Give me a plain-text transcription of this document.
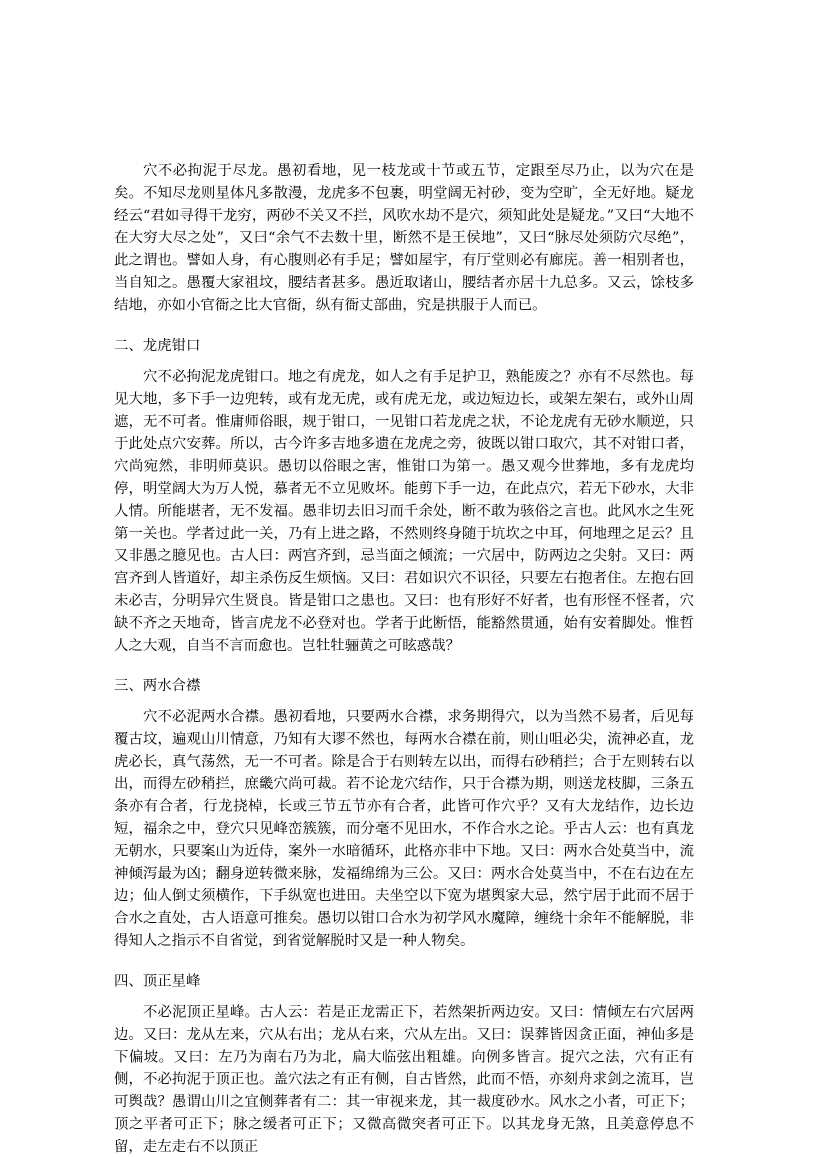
穴不必拘泥于尽龙。愚初看地，见一枝龙或十节或五节，定跟至尽乃止，以为穴在是矣。不知尽龙则星体凡多散漫，龙虎多不包裹，明堂阔无衬砂，变为空旷，全无好地。疑龙经云“君如寻得干龙穷，两砂不关又不拦，风吹水劫不是穴，须知此处是疑龙。”又曰“大地不在大穷大尽之处”，又曰“余气不去数十里，断然不是王侯地”，又曰“脉尽处须防穴尽绝”，此之谓也。譬如人身，有心腹则必有手足；譬如屋宇，有厅堂则必有廊庑。善一相别者也，当自知之。愚覆大家祖坟，腰结者甚多。愚近取诸山，腰结者亦居十九总多。又云，馀枝多结地，亦如小官衙之比大官衙，纵有衙丈部曲，究是拱服于人而已。

二、龙虎钳口

穴不必拘泥龙虎钳口。地之有虎龙，如人之有手足护卫，熟能废之？亦有不尽然也。每见大地，多下手一边兜转，或有龙无虎，或有虎无龙，或边短边长，或架左架右，或外山周遮，无不可者。惟庸师俗眼，规于钳口，一见钳口若龙虎之状，不论龙虎有无砂水顺逆，只于此处点穴安葬。所以，古今许多吉地多遗在龙虎之旁，彼既以钳口取穴，其不对钳口者，穴尚宛然，非明师莫识。愚切以俗眼之害，惟钳口为第一。愚又观今世葬地，多有龙虎均停，明堂阔大为万人悦，慕者无不立见败坏。能剪下手一边，在此点穴，若无下砂水，大非人情。所能堪者，无不发福。愚非切去旧习而千余处，断不敢为骇俗之言也。此风水之生死第一关也。学者过此一关，乃有上进之路，不然则终身随于坑坎之中耳，何地理之足云？且又非愚之臆见也。古人曰：两宫齐到，忌当面之倾流；一穴居中，防两边之尖射。又曰：两宫齐到人皆道好，却主杀伤反生烦恼。又曰：君如识穴不识径，只要左右抱者住。左抱右回未必吉，分明异穴生贤良。皆是钳口之患也。又曰：也有形好不好者，也有形怪不怪者，穴缺不齐之天地奇，皆言虎龙不必登对也。学者于此断悟，能豁然贯通，始有安着脚处。惟哲人之大观，自当不言而愈也。岂牡牡骊黄之可眩惑哉？

三、两水合襟

穴不必泥两水合襟。愚初看地，只要两水合襟，求务期得穴，以为当然不易者，后见每覆古坟，遍观山川情意，乃知有大谬不然也，每两水合襟在前，则山咀必尖，流神必直，龙虎必长，真气荡然，无一不可者。除是合于右则转左以出，而得右砂稍拦；合于左则转右以出，而得左砂稍拦，庶畿穴尚可裁。若不论龙穴结作，只于合襟为期，则送龙枝脚，三条五条亦有合者，行龙挠棹，长或三节五节亦有合者，此皆可作穴乎？又有大龙结作，边长边短，福余之中，登穴只见峰峦簇簇，而分毫不见田水，不作合水之论。乎古人云：也有真龙无朝水，只要案山为近侍，案外一水暗循环，此格亦非中下地。又曰：两水合处莫当中，流神倾泻最为凶；翻身逆转微来脉，发福绵绵为三公。又曰：两水合处莫当中，不在右边在左边；仙人倒丈须横作，下手纵宽也进田。夫坐空以下宽为堪舆家大忌，然宁居于此而不居于合水之直处，古人语意可推矣。愚切以钳口合水为初学风水魔障，缠绕十余年不能解脱，非得知人之指示不自省觉，到省觉解脱时又是一种人物矣。

四、顶正星峰

不必泥顶正星峰。古人云：若是正龙需正下，若然架折两边安。又曰：情倾左右穴居两边。又曰：龙从左来，穴从右出；龙从右来，穴从左出。又曰：误葬皆因贪正面，神仙多是下偏坡。又曰：左乃为南右乃为北，扁大临弦出粗雄。向例多皆言。捉穴之法，穴有正有侧，不必拘泥于顶正也。盖穴法之有正有侧，自古皆然，此而不悟，亦刻舟求剑之流耳，岂可舆哉？愚谓山川之宜侧葬者有二：其一审视来龙，其一裁度砂水。风水之小者，可正下；顶之平者可正下；脉之缓者可正下；又微高微突者可正下。以其龙身无煞，且美意停息不留，走左走右不以顶正
